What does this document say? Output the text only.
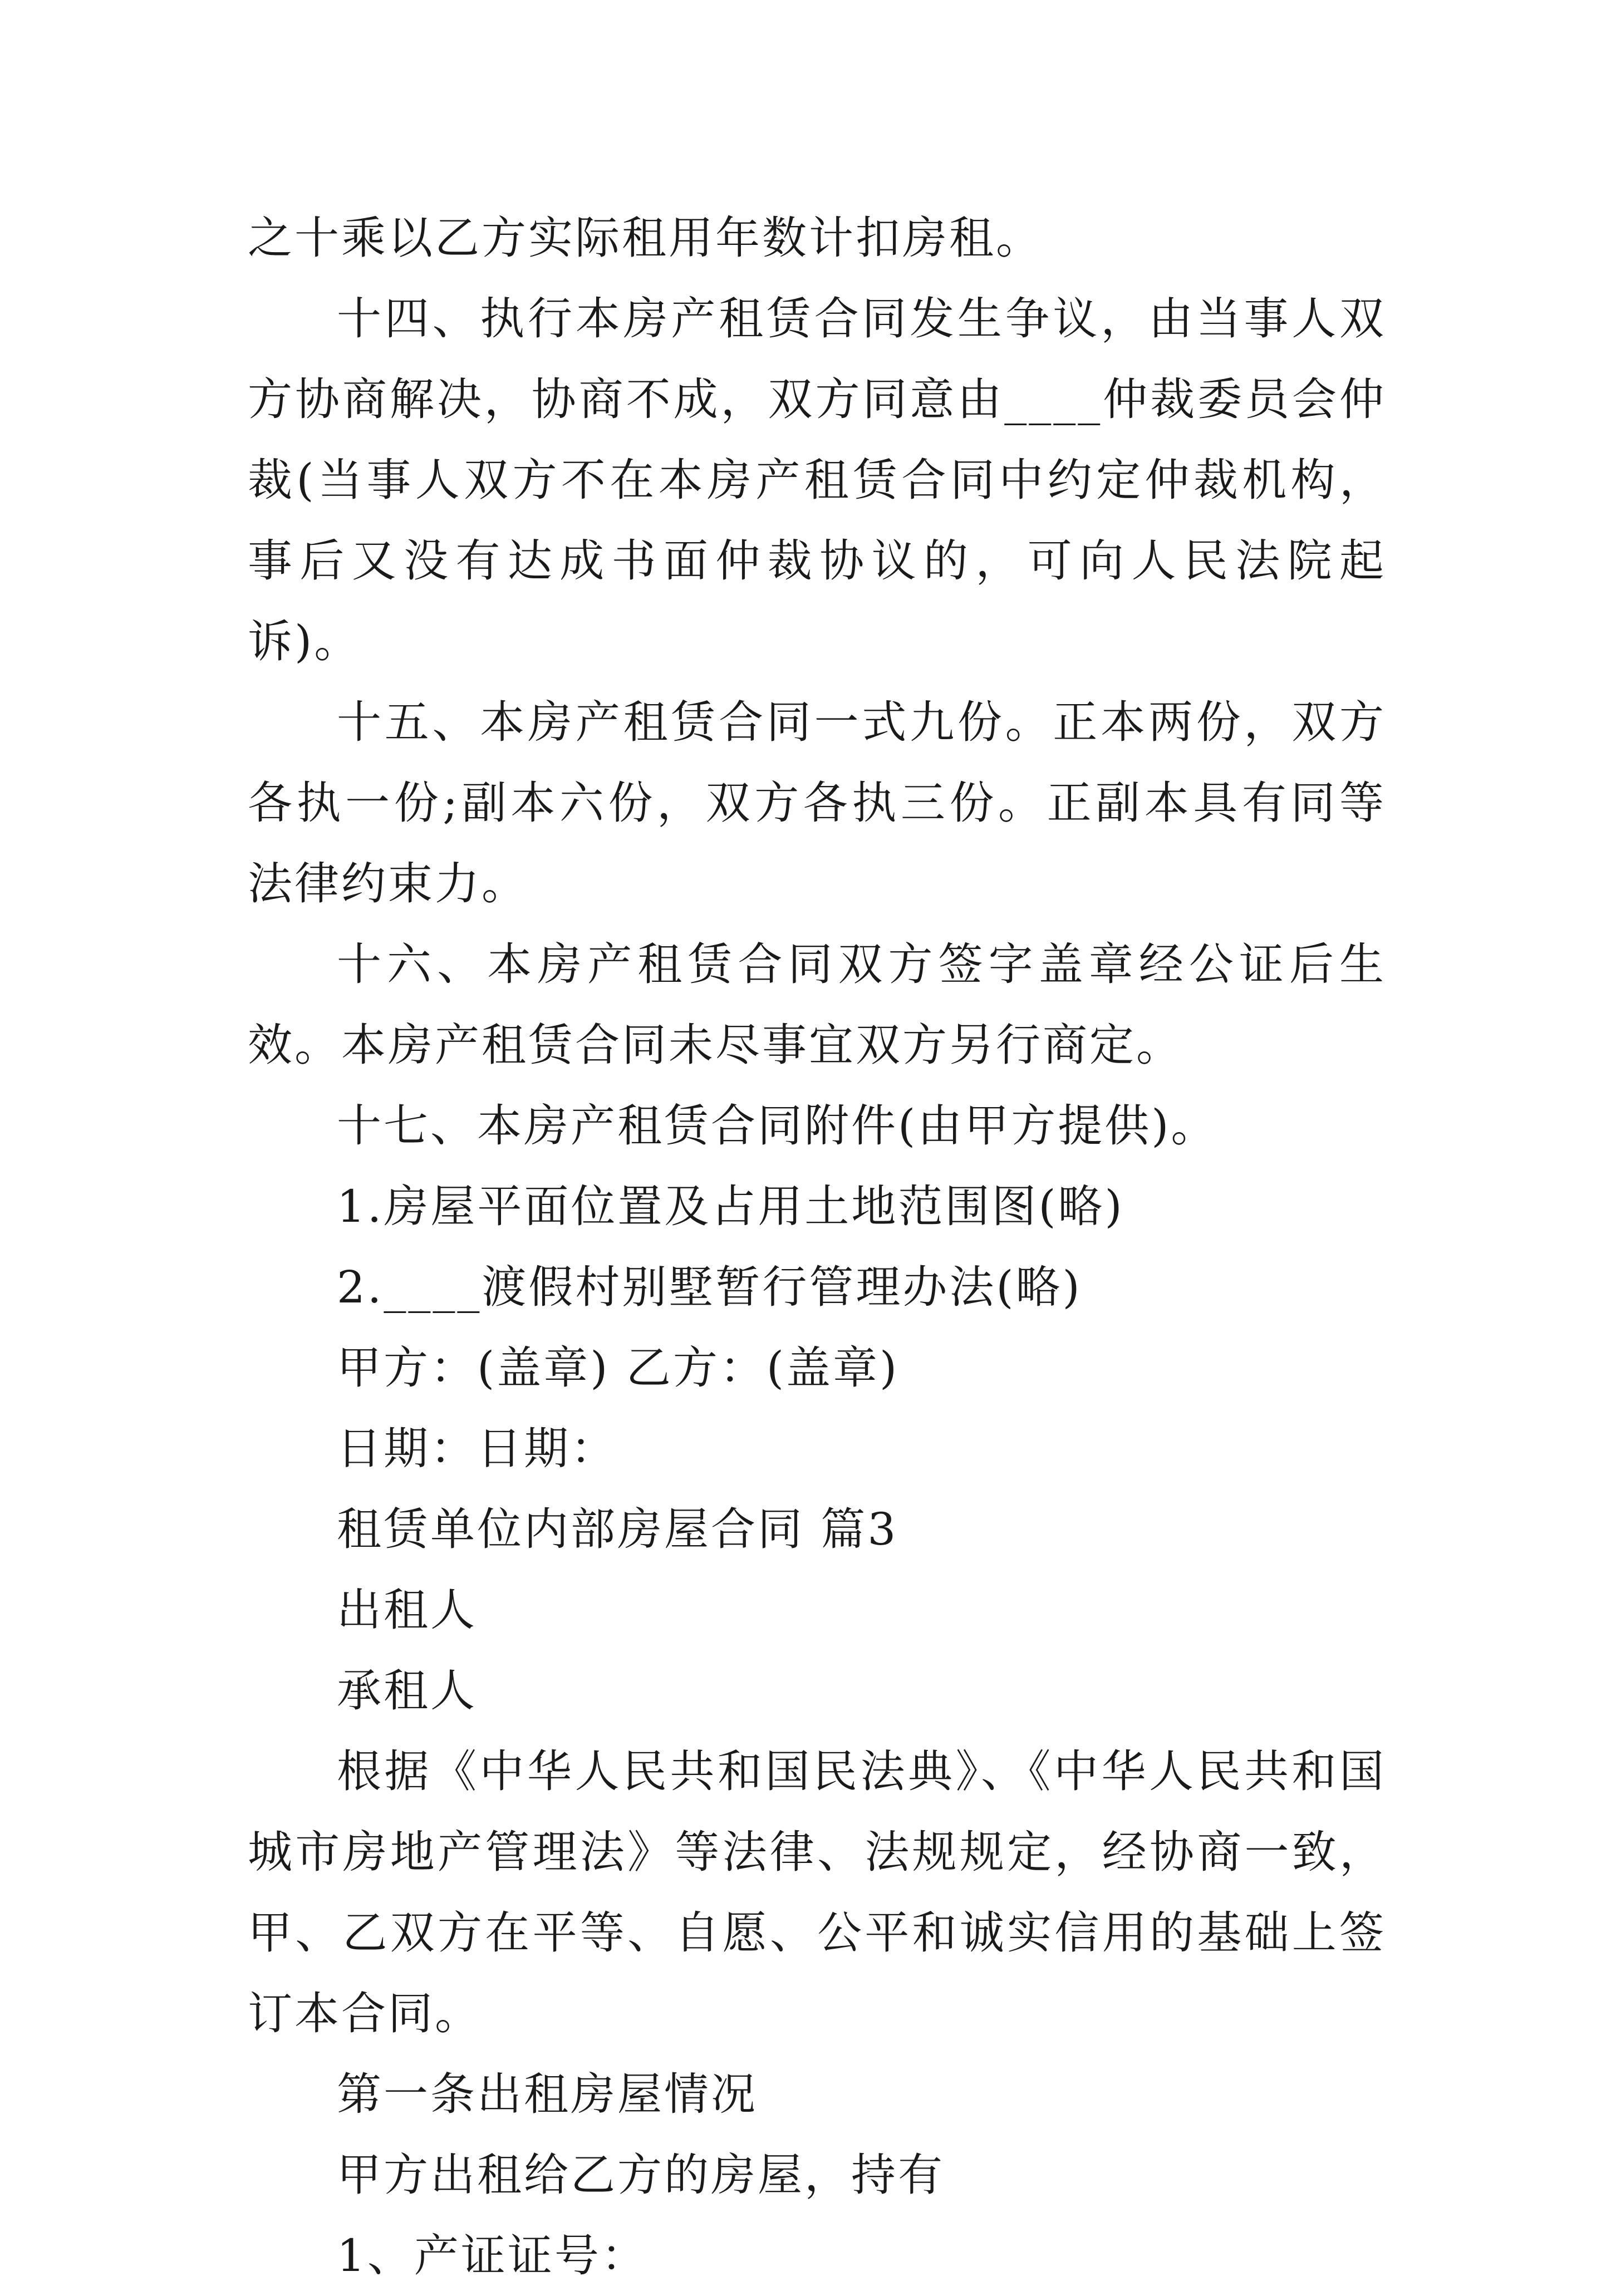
之十乘以乙方实际租用年数计扣房租。

十四、执行本房产租赁合同发生争议，由当事人双方协商解决，协商不成，双方同意由____仲裁委员会仲裁(当事人双方不在本房产租赁合同中约定仲裁机构，事后又没有达成书面仲裁协议的，可向人民法院起诉)。

十五、本房产租赁合同一式九份。正本两份，双方各执一份;副本六份，双方各执三份。正副本具有同等法律约束力。

十六、本房产租赁合同双方签字盖章经公证后生效。本房产租赁合同未尽事宜双方另行商定。

十七、本房产租赁合同附件(由甲方提供)。

1.房屋平面位置及占用土地范围图(略)

2.____渡假村别墅暂行管理办法(略)

甲方：(盖章) 乙方：(盖章)

日期：日期：

租赁单位内部房屋合同 篇3

出租人

承租人

根据《中华人民共和国民法典》、《中华人民共和国城市房地产管理法》等法律、法规规定，经协商一致，甲、乙双方在平等、自愿、公平和诚实信用的基础上签订本合同。

第一条出租房屋情况

甲方出租给乙方的房屋，持有

1、产证证号：
